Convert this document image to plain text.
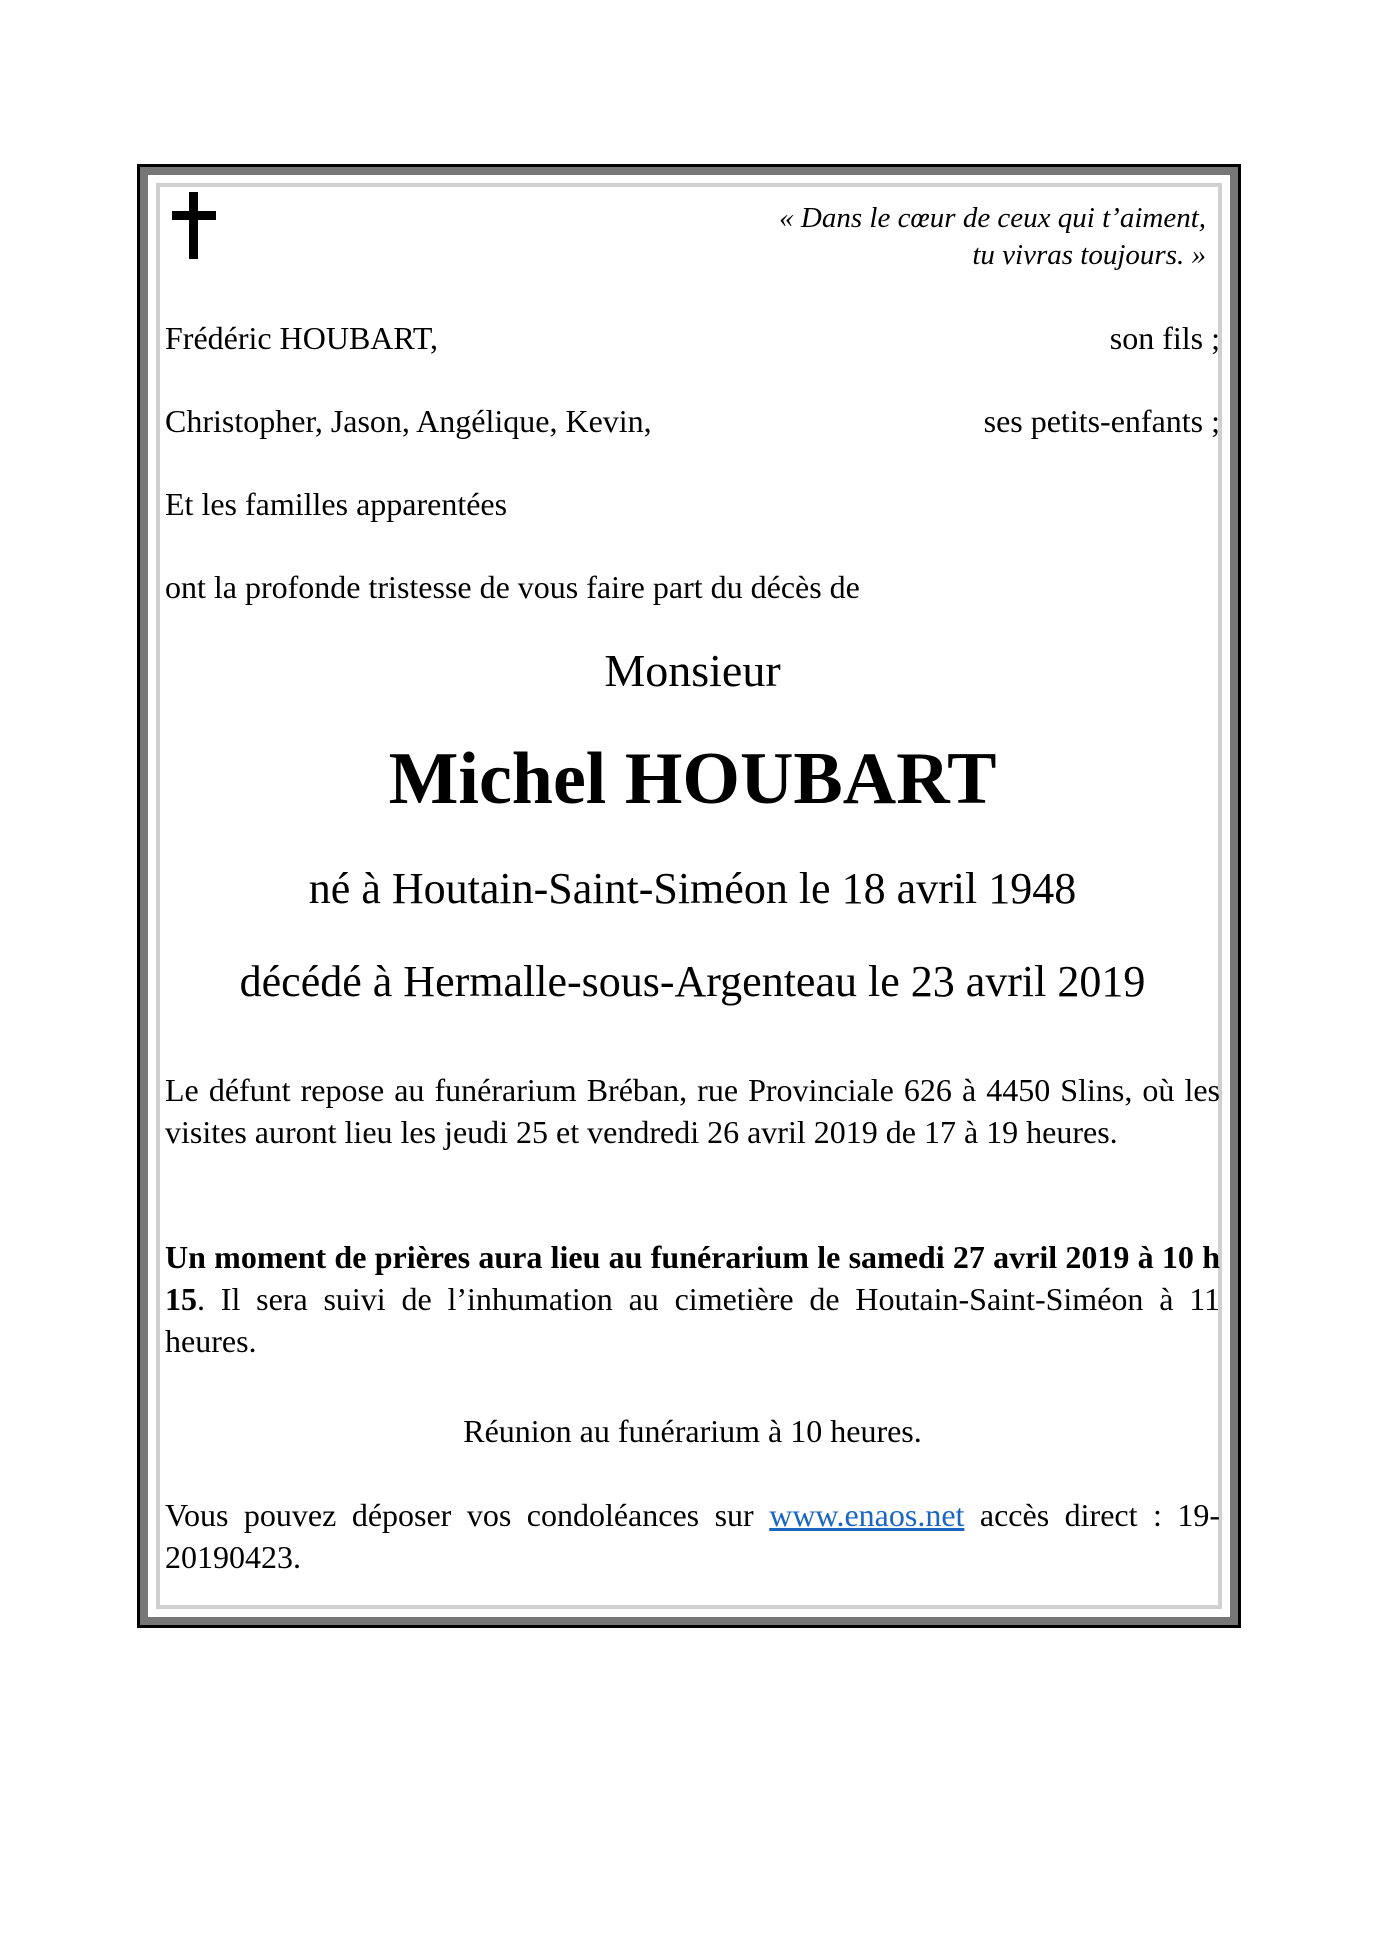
« Dans le cœur de ceux qui t’aiment,
tu vivras toujours. »
Frédéric HOUBART,	son fils ;
Christopher, Jason, Angélique, Kevin,	ses petits-enfants ;
Et les familles apparentées
ont la profonde tristesse de vous faire part du décès de
Monsieur
Michel HOUBART
né à Houtain-Saint-Siméon le 18 avril 1948
décédé à Hermalle-sous-Argenteau le 23 avril 2019
Le défunt repose au funérarium Bréban, rue Provinciale 626 à 4450 Slins, où les visites auront lieu les jeudi 25 et vendredi 26 avril 2019 de 17 à 19 heures.
Un moment de prières aura lieu au funérarium le samedi 27 avril 2019 à 10 h 15. Il sera suivi de l’inhumation au cimetière de Houtain-Saint-Siméon à 11 heures.
Réunion au funérarium à 10 heures.
Vous pouvez déposer vos condoléances sur www.enaos.net accès direct : 19-20190423.
